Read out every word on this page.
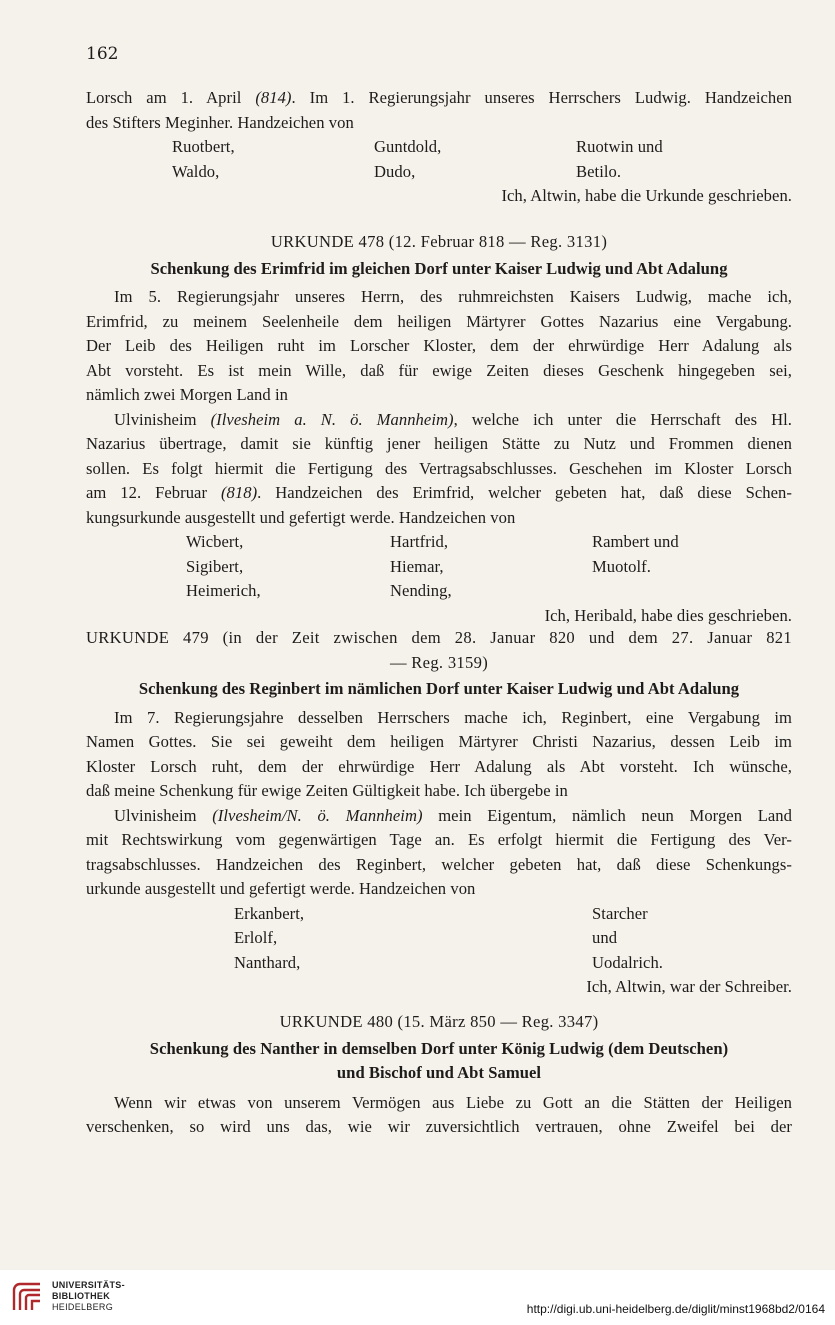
162
Lorsch am 1. April (814). Im 1. Regierungsjahr unseres Herrschers Ludwig. Handzeichen
des Stifters Meginher. Handzeichen von
Ruotbert,	Guntdold,	Ruotwin und
Waldo,	Dudo,	Betilo.
Ich, Altwin, habe die Urkunde geschrieben.
URKUNDE 478 (12. Februar 818 — Reg. 3131)
Schenkung des Erimfrid im gleichen Dorf unter Kaiser Ludwig und Abt Adalung
Im 5. Regierungsjahr unseres Herrn, des ruhmreichsten Kaisers Ludwig, mache ich,
Erimfrid, zu meinem Seelenheile dem heiligen Märtyrer Gottes Nazarius eine Vergabung.
Der Leib des Heiligen ruht im Lorscher Kloster, dem der ehrwürdige Herr Adalung als
Abt vorsteht. Es ist mein Wille, daß für ewige Zeiten dieses Geschenk hingegeben sei,
nämlich zwei Morgen Land in
Ulvinisheim (Ilvesheim a. N. ö. Mannheim), welche ich unter die Herrschaft des Hl.
Nazarius übertrage, damit sie künftig jener heiligen Stätte zu Nutz und Frommen dienen
sollen. Es folgt hiermit die Fertigung des Vertragsabschlusses. Geschehen im Kloster Lorsch
am 12. Februar (818). Handzeichen des Erimfrid, welcher gebeten hat, daß diese Schen-
kungsurkunde ausgestellt und gefertigt werde. Handzeichen von
Wicbert,	Hartfrid,	Rambert und
Sigibert,	Hiemar,	Muotolf.
Heimerich,	Nending,
Ich, Heribald, habe dies geschrieben.
URKUNDE 479 (in der Zeit zwischen dem 28. Januar 820 und dem 27. Januar 821
— Reg. 3159)
Schenkung des Reginbert im nämlichen Dorf unter Kaiser Ludwig und Abt Adalung
Im 7. Regierungsjahre desselben Herrschers mache ich, Reginbert, eine Vergabung im
Namen Gottes. Sie sei geweiht dem heiligen Märtyrer Christi Nazarius, dessen Leib im
Kloster Lorsch ruht, dem der ehrwürdige Herr Adalung als Abt vorsteht. Ich wünsche,
daß meine Schenkung für ewige Zeiten Gültigkeit habe. Ich übergebe in
Ulvinisheim (Ilvesheim/N. ö. Mannheim) mein Eigentum, nämlich neun Morgen Land
mit Rechtswirkung vom gegenwärtigen Tage an. Es erfolgt hiermit die Fertigung des Ver-
tragsabschlusses. Handzeichen des Reginbert, welcher gebeten hat, daß diese Schenkungs-
urkunde ausgestellt und gefertigt werde. Handzeichen von
Erkanbert,	Starcher
Erlolf,	und
Nanthard,	Uodalrich.
Ich, Altwin, war der Schreiber.
URKUNDE 480 (15. März 850 — Reg. 3347)
Schenkung des Nanther in demselben Dorf unter König Ludwig (dem Deutschen)
und Bischof und Abt Samuel
Wenn wir etwas von unserem Vermögen aus Liebe zu Gott an die Stätten der Heiligen
verschenken, so wird uns das, wie wir zuversichtlich vertrauen, ohne Zweifel bei der
UNIVERSITÄTS-
BIBLIOTHEK
HEIDELBERG	http://digi.ub.uni-heidelberg.de/diglit/minst1968bd2/0164
